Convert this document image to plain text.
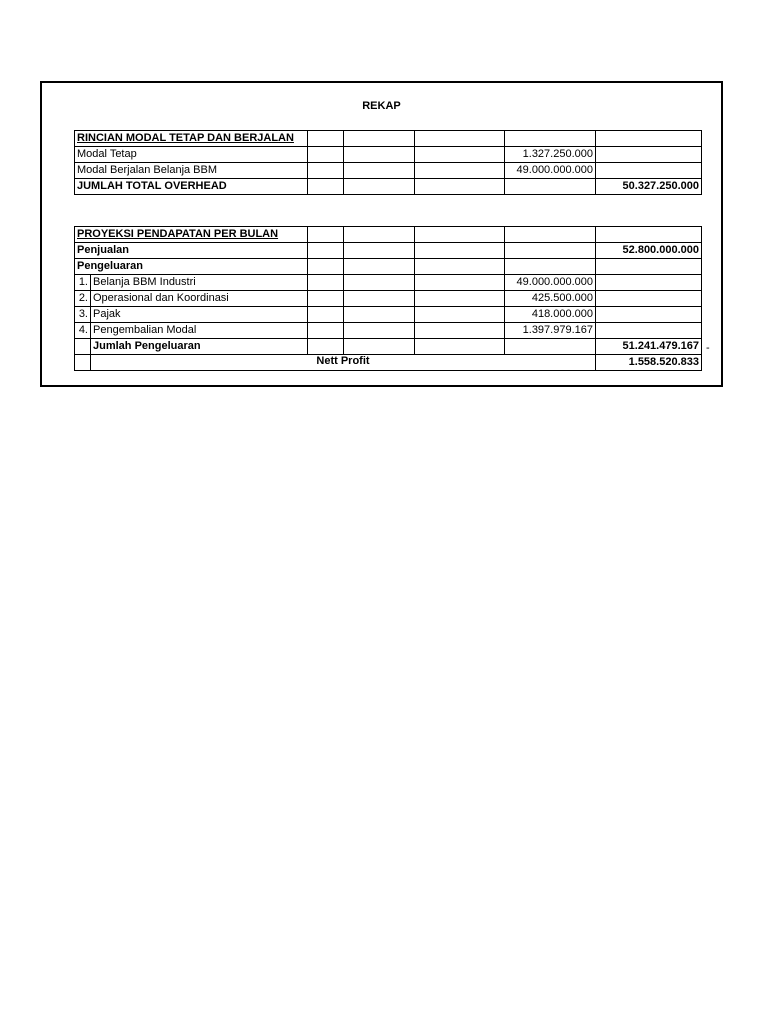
REKAP
RINCIAN MODAL TETAP DAN BERJALAN					
Modal Tetap				1.327.250.000	
Modal Berjalan Belanja BBM				49.000.000.000	
JUMLAH TOTAL OVERHEAD					50.327.250.000
PROYEKSI PENDAPATAN PER BULAN						
Penjualan						52.800.000.000
Pengeluaran						
1.	Belanja BBM Industri				49.000.000.000	
2.	Operasional dan Koordinasi				425.500.000	
3.	Pajak				418.000.000	
4.	Pengembalian Modal				1.397.979.167	
	Jumlah Pengeluaran					51.241.479.167
	Nett Profit					1.558.520.833
-
